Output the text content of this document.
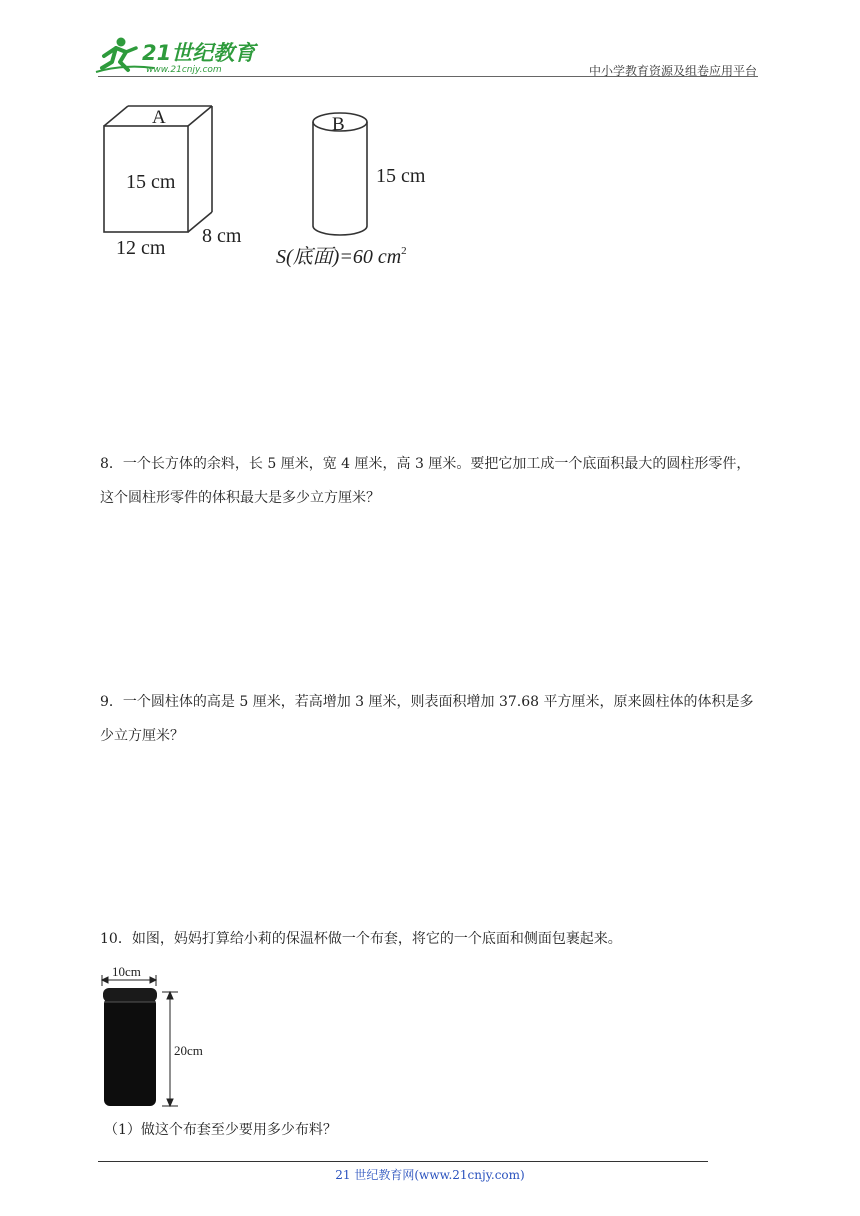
21世纪教育
www.21cnjy.com	中小学教育资源及组卷应用平台
A
15 cm
8 cm
12 cm
B
15 cm
S(底面)=60 $cm^2$
8．一个长方体的余料，长 5 厘米，宽 4 厘米，高 3 厘米。要把它加工成一个底面积最大的圆柱形零件，这个圆柱形零件的体积最大是多少立方厘米？
9．一个圆柱体的高是 5 厘米，若高增加 3 厘米，则表面积增加 37.68 平方厘米，原来圆柱体的体积是多少立方厘米？
10．如图，妈妈打算给小莉的保温杯做一个布套，将它的一个底面和侧面包裹起来。
10cm
20cm
（1）做这个布套至少要用多少布料？
21 世纪教育网(www.21cnjy.com)
